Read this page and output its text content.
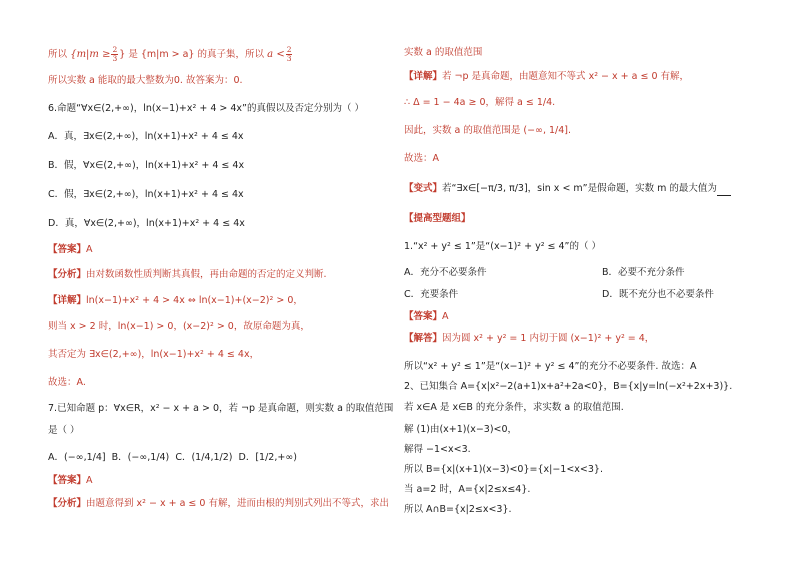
所以 {$m|m \ge \frac{2}{3}$ } 是 {m|m > a} 的真子集，所以 $a < \frac{2}{3}$
所以实数 a 能取的最大整数为0. 故答案为：0.
6.命题“∀x∈(2,+∞)，ln(x−1)+x² + 4 > 4x”的真假以及否定分别为（ ）
A．真，∃x∈(2,+∞)，ln(x+1)+x² + 4 ≤ 4x
B．假，∀x∈(2,+∞)，ln(x+1)+x² + 4 ≤ 4x
C．假，∃x∈(2,+∞)，ln(x+1)+x² + 4 ≤ 4x
D．真，∀x∈(2,+∞)，ln(x+1)+x² + 4 ≤ 4x
【答案】A
【分析】由对数函数性质判断其真假，再由命题的否定的定义判断.
【详解】ln(x−1)+x² + 4 > 4x ⇔ ln(x−1)+(x−2)² > 0，
则当 x > 2 时，ln(x−1) > 0，(x−2)² > 0，故原命题为真，
其否定为 ∃x∈(2,+∞)，ln(x−1)+x² + 4 ≤ 4x，
故选：A.
7.已知命题 p：∀x∈R，x² − x + a > 0，若 ¬p 是真命题，则实数 a 的取值范围
是（ ）
A．(−∞,1/4] B．(−∞,1/4) C．(1/4,1/2) D．[1/2,+∞)
【答案】A
【分析】由题意得到 x² − x + a ≤ 0 有解，进而由根的判别式列出不等式，求出
实数 a 的取值范围
【详解】若 ¬p 是真命题，由题意知不等式 x² − x + a ≤ 0 有解，
∴ Δ = 1 − 4a ≥ 0，解得 a ≤ 1/4.
因此，实数 a 的取值范围是 (−∞, 1/4].
故选：A
【变式】若“∃x∈[−π/3, π/3]，sin x < m”是假命题，实数 m 的最大值为
【提高型题组】
1.“x² + y² ≤ 1”是“(x−1)² + y² ≤ 4”的（ ）
A．充分不必要条件	B．必要不充分条件
C．充要条件	D．既不充分也不必要条件
【答案】A
【解答】因为圆 x² + y² = 1 内切于圆 (x−1)² + y² = 4，
所以“x² + y² ≤ 1”是“(x−1)² + y² ≤ 4”的充分不必要条件. 故选：A
2、已知集合 A={x|x²−2(a+1)x+a²+2a<0}，B={x|y=ln(−x²+2x+3)}.
若 x∈A 是 x∈B 的充分条件，求实数 a 的取值范围.
解 (1)由(x+1)(x−3)<0，
解得 −1<x<3.
所以 B={x|(x+1)(x−3)<0}={x|−1<x<3}.
当 a=2 时，A={x|2≤x≤4}.
所以 A∩B={x|2≤x<3}.
